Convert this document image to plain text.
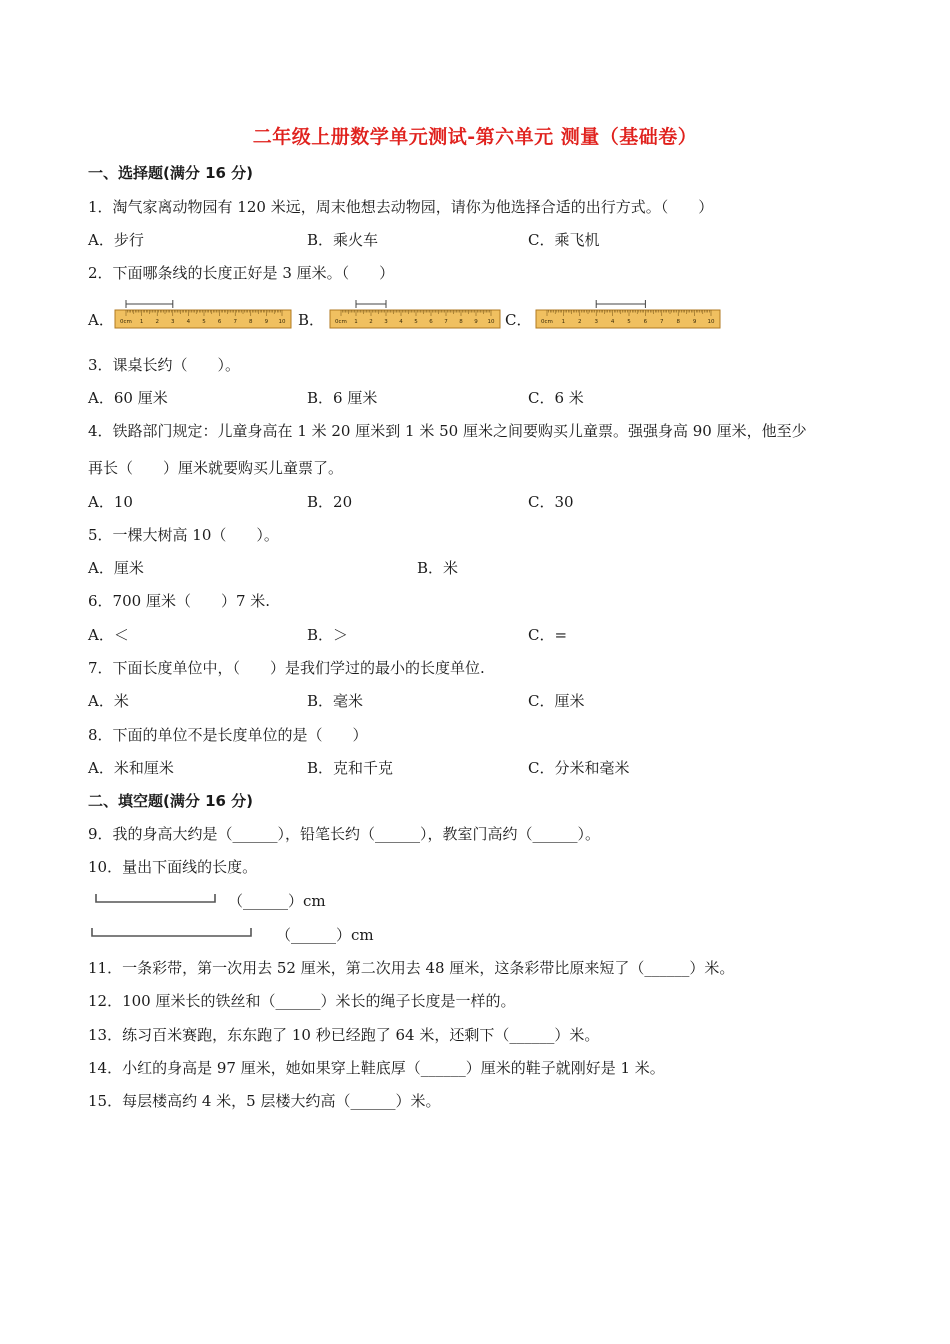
二年级上册数学单元测试-第六单元 测量（基础卷）
一、选择题(满分 16 分)
1．淘气家离动物园有 120 米远，周末他想去动物园，请你为他选择合适的出行方式。（　　）
A．步行	B．乘火车	C．乘飞机
2．下面哪条线的长度正好是 3 厘米。（　　）
A．	B．	C．
0cm 1 2 3 4 5 6 7 8 9 10	0cm 1 2 3 4 5 6 7 8 9 10	0cm 1 2 3 4 5 6 7 8 9 10
3．课桌长约（　　）。
A．60 厘米	B．6 厘米	C．6 米
4．铁路部门规定：儿童身高在 1 米 20 厘米到 1 米 50 厘米之间要购买儿童票。强强身高 90 厘米，他至少
再长（　　）厘米就要购买儿童票了。
A．10	B．20	C．30
5．一棵大树高 10（　　）。
A．厘米	B．米
6．700 厘米（　　）7 米.
A．＜	B．＞	C．=
7．下面长度单位中，（　　）是我们学过的最小的长度单位.
A．米	B．毫米	C．厘米
8．下面的单位不是长度单位的是（　　）
A．米和厘米	B．克和千克	C．分米和毫米
二、填空题(满分 16 分)
9．我的身高大约是（______），铅笔长约（______），教室门高约（______）。
10．量出下面线的长度。
（______）cm
（______）cm
11．一条彩带，第一次用去 52 厘米，第二次用去 48 厘米，这条彩带比原来短了（______）米。
12．100 厘米长的铁丝和（______）米长的绳子长度是一样的。
13．练习百米赛跑，东东跑了 10 秒已经跑了 64 米，还剩下（______）米。
14．小红的身高是 97 厘米，她如果穿上鞋底厚（______）厘米的鞋子就刚好是 1 米。
15．每层楼高约 4 米，5 层楼大约高（______）米。
